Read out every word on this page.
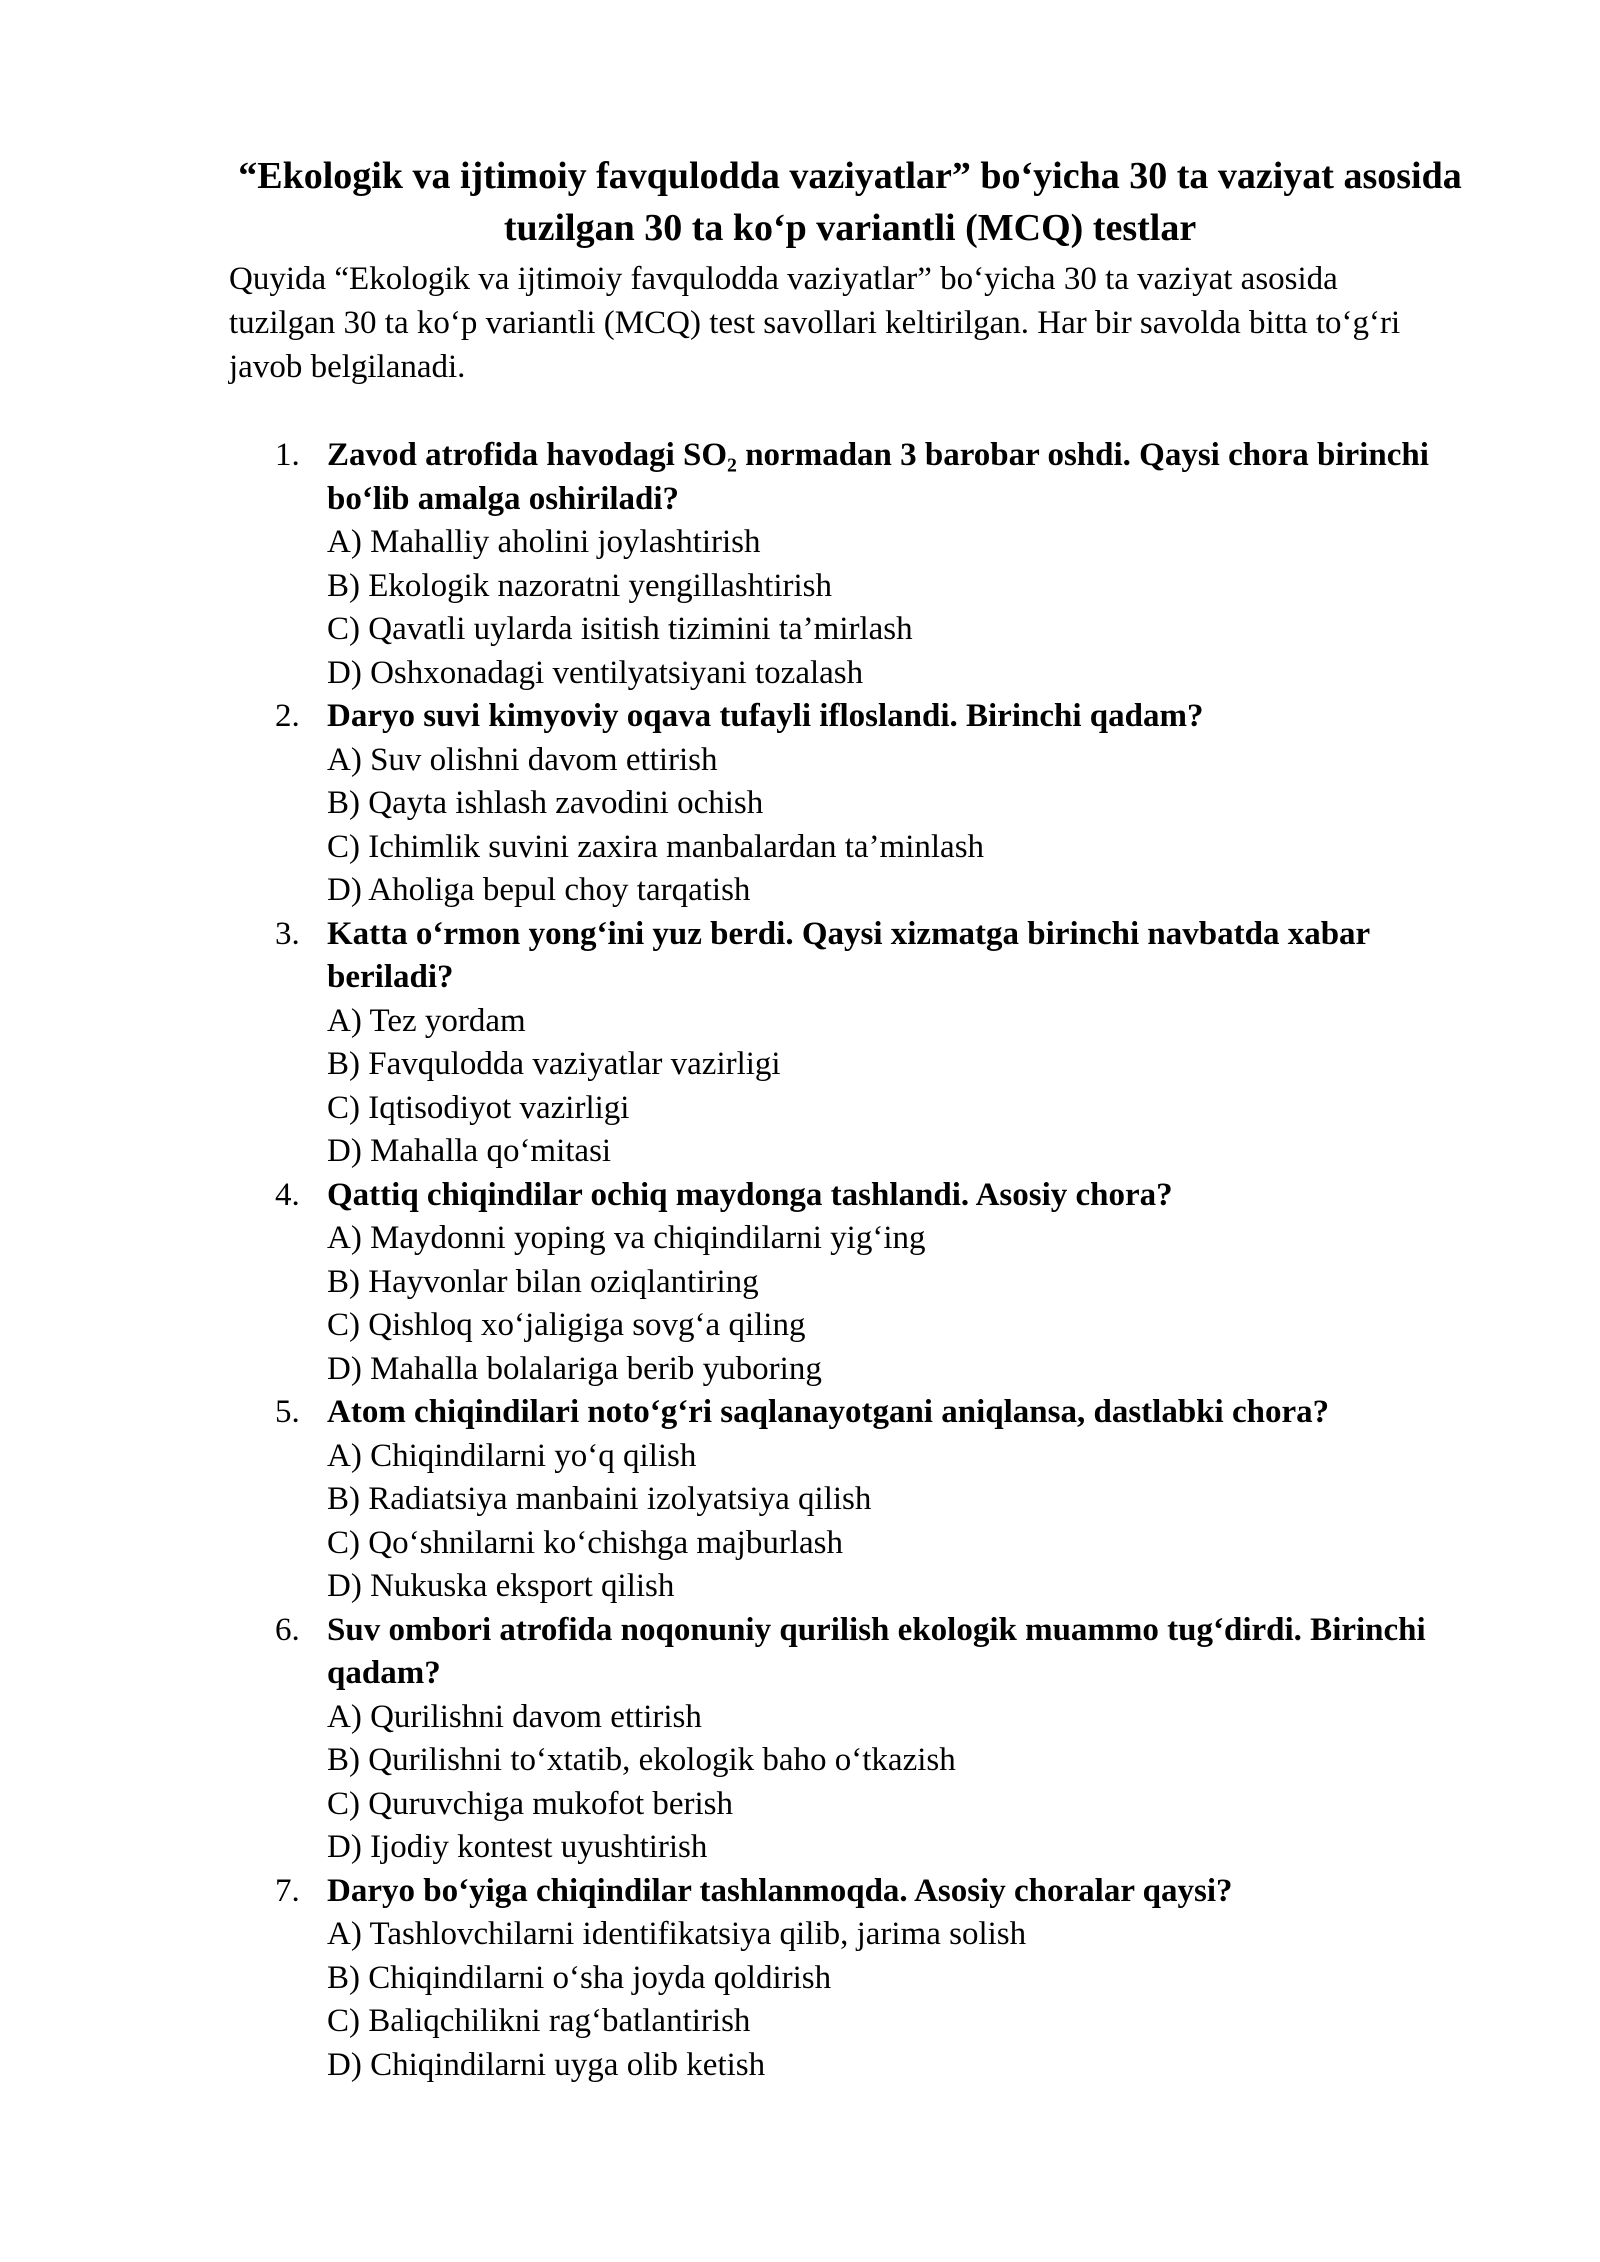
“Ekologik va ijtimoiy favqulodda vaziyatlar” bo‘yicha 30 ta vaziyat asosida tuzilgan 30 ta ko‘p variantli (MCQ) testlar

Quyida “Ekologik va ijtimoiy favqulodda vaziyatlar” bo‘yicha 30 ta vaziyat asosida tuzilgan 30 ta ko‘p variantli (MCQ) test savollari keltirilgan. Har bir savolda bitta to‘g‘ri javob belgilanadi.

1. Zavod atrofida havodagi SO₂ normadan 3 barobar oshdi. Qaysi chora birinchi bo‘lib amalga oshiriladi?
A) Mahalliy aholini joylashtirish
B) Ekologik nazoratni yengillashtirish
C) Qavatli uylarda isitish tizimini ta’mirlash
D) Oshxonadagi ventilyatsiyani tozalash
2. Daryo suvi kimyoviy oqava tufayli ifloslandi. Birinchi qadam?
A) Suv olishni davom ettirish
B) Qayta ishlash zavodini ochish
C) Ichimlik suvini zaxira manbalardan ta’minlash
D) Aholiga bepul choy tarqatish
3. Katta o‘rmon yong‘ini yuz berdi. Qaysi xizmatga birinchi navbatda xabar beriladi?
A) Tez yordam
B) Favqulodda vaziyatlar vazirligi
C) Iqtisodiyot vazirligi
D) Mahalla qo‘mitasi
4. Qattiq chiqindilar ochiq maydonga tashlandi. Asosiy chora?
A) Maydonni yoping va chiqindilarni yig‘ing
B) Hayvonlar bilan oziqlantiring
C) Qishloq xo‘jaligiga sovg‘a qiling
D) Mahalla bolalariga berib yuboring
5. Atom chiqindilari noto‘g‘ri saqlanayotgani aniqlansa, dastlabki chora?
A) Chiqindilarni yo‘q qilish
B) Radiatsiya manbaini izolyatsiya qilish
C) Qo‘shnilarni ko‘chishga majburlash
D) Nukuska eksport qilish
6. Suv ombori atrofida noqonuniy qurilish ekologik muammo tug‘dirdi. Birinchi qadam?
A) Qurilishni davom ettirish
B) Qurilishni to‘xtatib, ekologik baho o‘tkazish
C) Quruvchiga mukofot berish
D) Ijodiy kontest uyushtirish
7. Daryo bo‘yiga chiqindilar tashlanmoqda. Asosiy choralar qaysi?
A) Tashlovchilarni identifikatsiya qilib, jarima solish
B) Chiqindilarni o‘sha joyda qoldirish
C) Baliqchilikni rag‘batlantirish
D) Chiqindilarni uyga olib ketish
